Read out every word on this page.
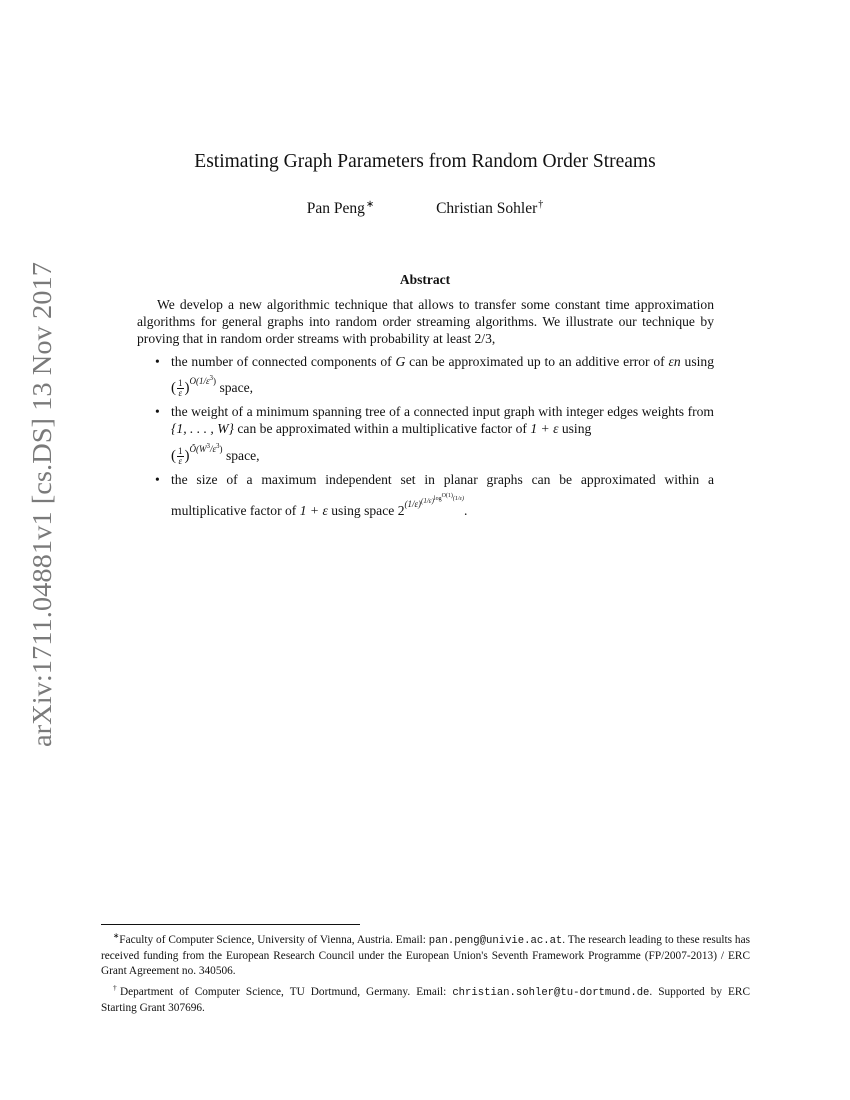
arXiv:1711.04881v1 [cs.DS] 13 Nov 2017
Estimating Graph Parameters from Random Order Streams
Pan Peng∗	Christian Sohler†
Abstract

We develop a new algorithmic technique that allows to transfer some constant time approximation algorithms for general graphs into random order streaming algorithms. We illustrate our technique by proving that in random order streams with probability at least 2/3,

• the number of connected components of G can be approximated up to an additive error of εn using ( $\frac{1}{\varepsilon} )^{O(1/\varepsilon^3)}$ space,
• the weight of a minimum spanning tree of a connected input graph with integer edges weights from {1, . . . , W} can be approximated within a multiplicative factor of 1 + ε using
( $\frac{1}{\varepsilon} )^{Õ(W^3/\varepsilon^3)}$ space,
• the size of a maximum independent set in planar graphs can be approximated within a multiplicative factor of 1 + ε using space $2^{(1/\varepsilon)^{(1/\varepsilon)^{log^{O(1)}(1/\varepsilon)}}}$.

∗Faculty of Computer Science, University of Vienna, Austria. Email: pan.peng@univie.ac.at. The research leading to these results has received funding from the European Research Council under the European Union's Seventh Framework Programme (FP/2007-2013) / ERC Grant Agreement no. 340506.

†Department of Computer Science, TU Dortmund, Germany. Email: christian.sohler@tu-dortmund.de. Supported by ERC Starting Grant 307696.
